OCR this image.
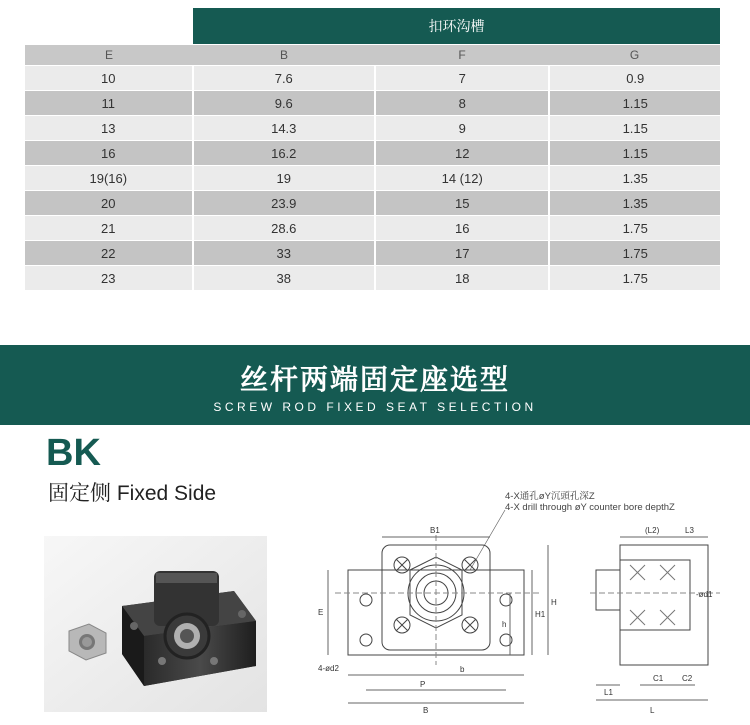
扣环沟槽
E	B	F	G
10	7.6	7	0.9
11	9.6	8	1.15
13	14.3	9	1.15
16	16.2	12	1.15
19(16)	19	14 (12)	1.35
20	23.9	15	1.35
21	28.6	16	1.75
22	33	17	1.75
23	38	18	1.75
丝杆两端固定座选型
SCREW ROD FIXED SEAT SELECTION
BK
固定侧 Fixed Side	4-X通孔øY沉頭孔深Z
4-X drill through øY counter bore depthZ
B1
E
h
H1
H
b
P
B
4-ød2
(L2)	L3
-ød1
L1
C1 C2
L
